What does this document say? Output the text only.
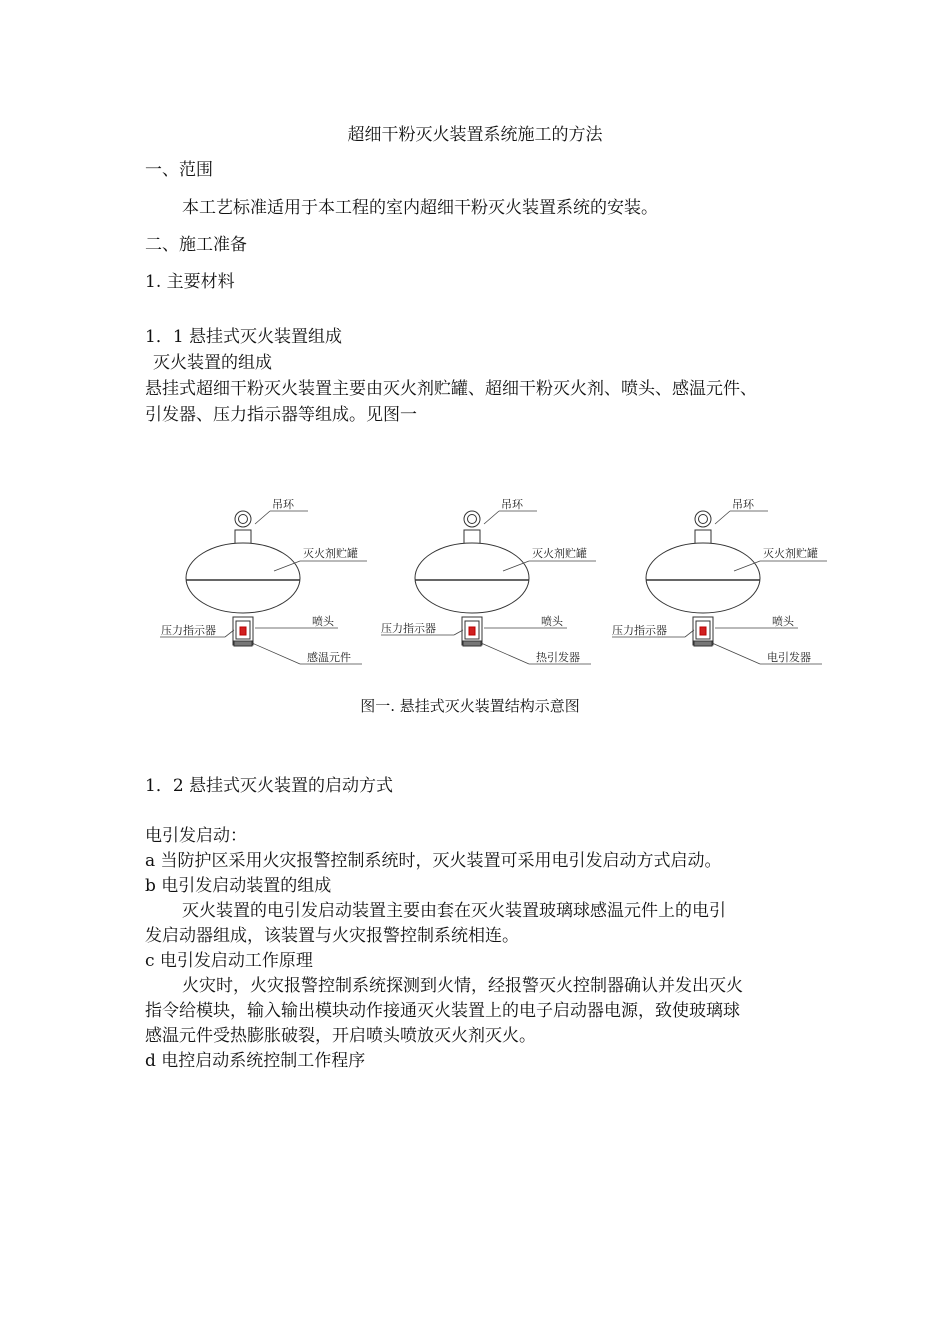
超细干粉灭火装置系统施工的方法
一、范围
本工艺标准适用于本工程的室内超细干粉灭火装置系统的安装。
二、施工准备
1. 主要材料
1．1 悬挂式灭火装置组成
灭火装置的组成
悬挂式超细干粉灭火装置主要由灭火剂贮罐、超细干粉灭火剂、喷头、感温元件、
引发器、压力指示器等组成。见图一
吊环
灭火剂贮罐
喷头
压力指示器
感温元件
吊环
灭火剂贮罐
喷头
压力指示器
热引发器
吊环
灭火剂贮罐
喷头
压力指示器
电引发器
图一. 悬挂式灭火装置结构示意图
1．2 悬挂式灭火装置的启动方式
电引发启动：
a 当防护区采用火灾报警控制系统时，灭火装置可采用电引发启动方式启动。
b 电引发启动装置的组成
灭火装置的电引发启动装置主要由套在灭火装置玻璃球感温元件上的电引
发启动器组成，该装置与火灾报警控制系统相连。
c 电引发启动工作原理
火灾时，火灾报警控制系统探测到火情，经报警灭火控制器确认并发出灭火
指令给模块，输入输出模块动作接通灭火装置上的电子启动器电源，致使玻璃球
感温元件受热膨胀破裂，开启喷头喷放灭火剂灭火。
d 电控启动系统控制工作程序
